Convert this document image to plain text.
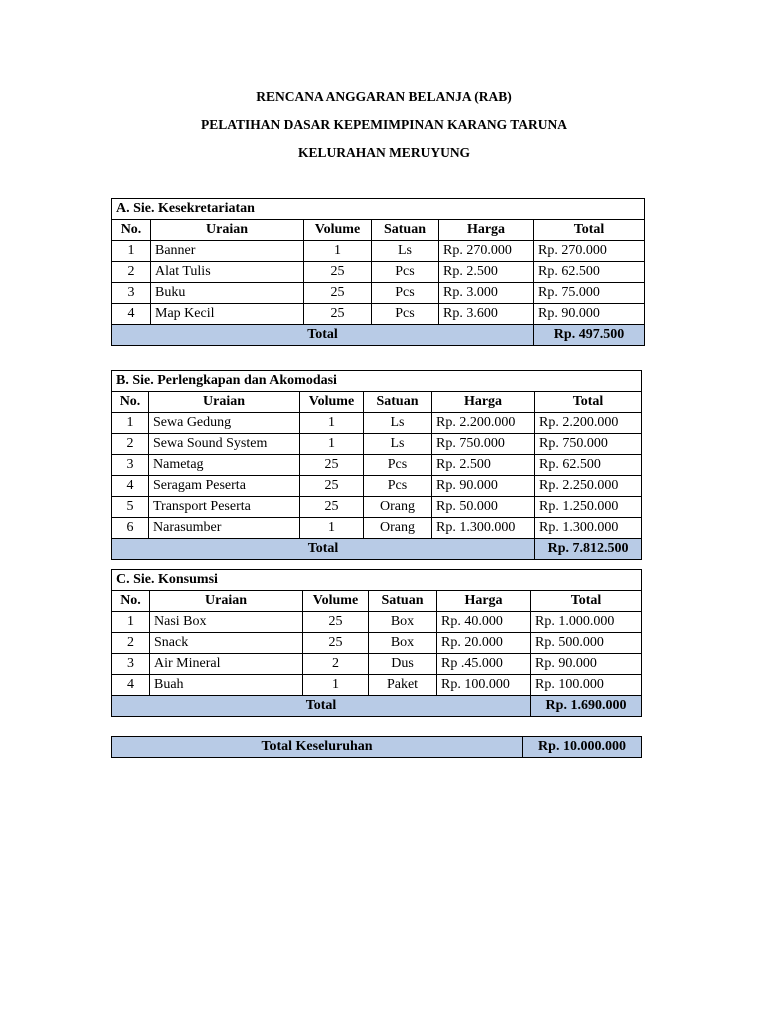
RENCANA ANGGARAN BELANJA (RAB)
PELATIHAN DASAR KEPEMIMPINAN KARANG TARUNA
KELURAHAN MERUYUNG
A. Sie. Kesekretariatan					
No.	Uraian	Volume	Satuan	Harga	Total
1	Banner	1	Ls	Rp. 270.000	Rp. 270.000
2	Alat Tulis	25	Pcs	Rp. 2.500	Rp. 62.500
3	Buku	25	Pcs	Rp. 3.000	Rp. 75.000
4	Map Kecil	25	Pcs	Rp. 3.600	Rp. 90.000
Total					Rp. 497.500
B. Sie. Perlengkapan dan Akomodasi					
No.	Uraian	Volume	Satuan	Harga	Total
1	Sewa Gedung	1	Ls	Rp. 2.200.000	Rp. 2.200.000
2	Sewa Sound System	1	Ls	Rp. 750.000	Rp. 750.000
3	Nametag	25	Pcs	Rp. 2.500	Rp. 62.500
4	Seragam Peserta	25	Pcs	Rp. 90.000	Rp. 2.250.000
5	Transport Peserta	25	Orang	Rp. 50.000	Rp. 1.250.000
6	Narasumber	1	Orang	Rp. 1.300.000	Rp. 1.300.000
Total					Rp. 7.812.500
C. Sie. Konsumsi					
No.	Uraian	Volume	Satuan	Harga	Total
1	Nasi Box	25	Box	Rp. 40.000	Rp. 1.000.000
2	Snack	25	Box	Rp. 20.000	Rp. 500.000
3	Air Mineral	2	Dus	Rp .45.000	Rp. 90.000
4	Buah	1	Paket	Rp. 100.000	Rp. 100.000
Total					Rp. 1.690.000
Total Keseluruhan	Rp. 10.000.000
